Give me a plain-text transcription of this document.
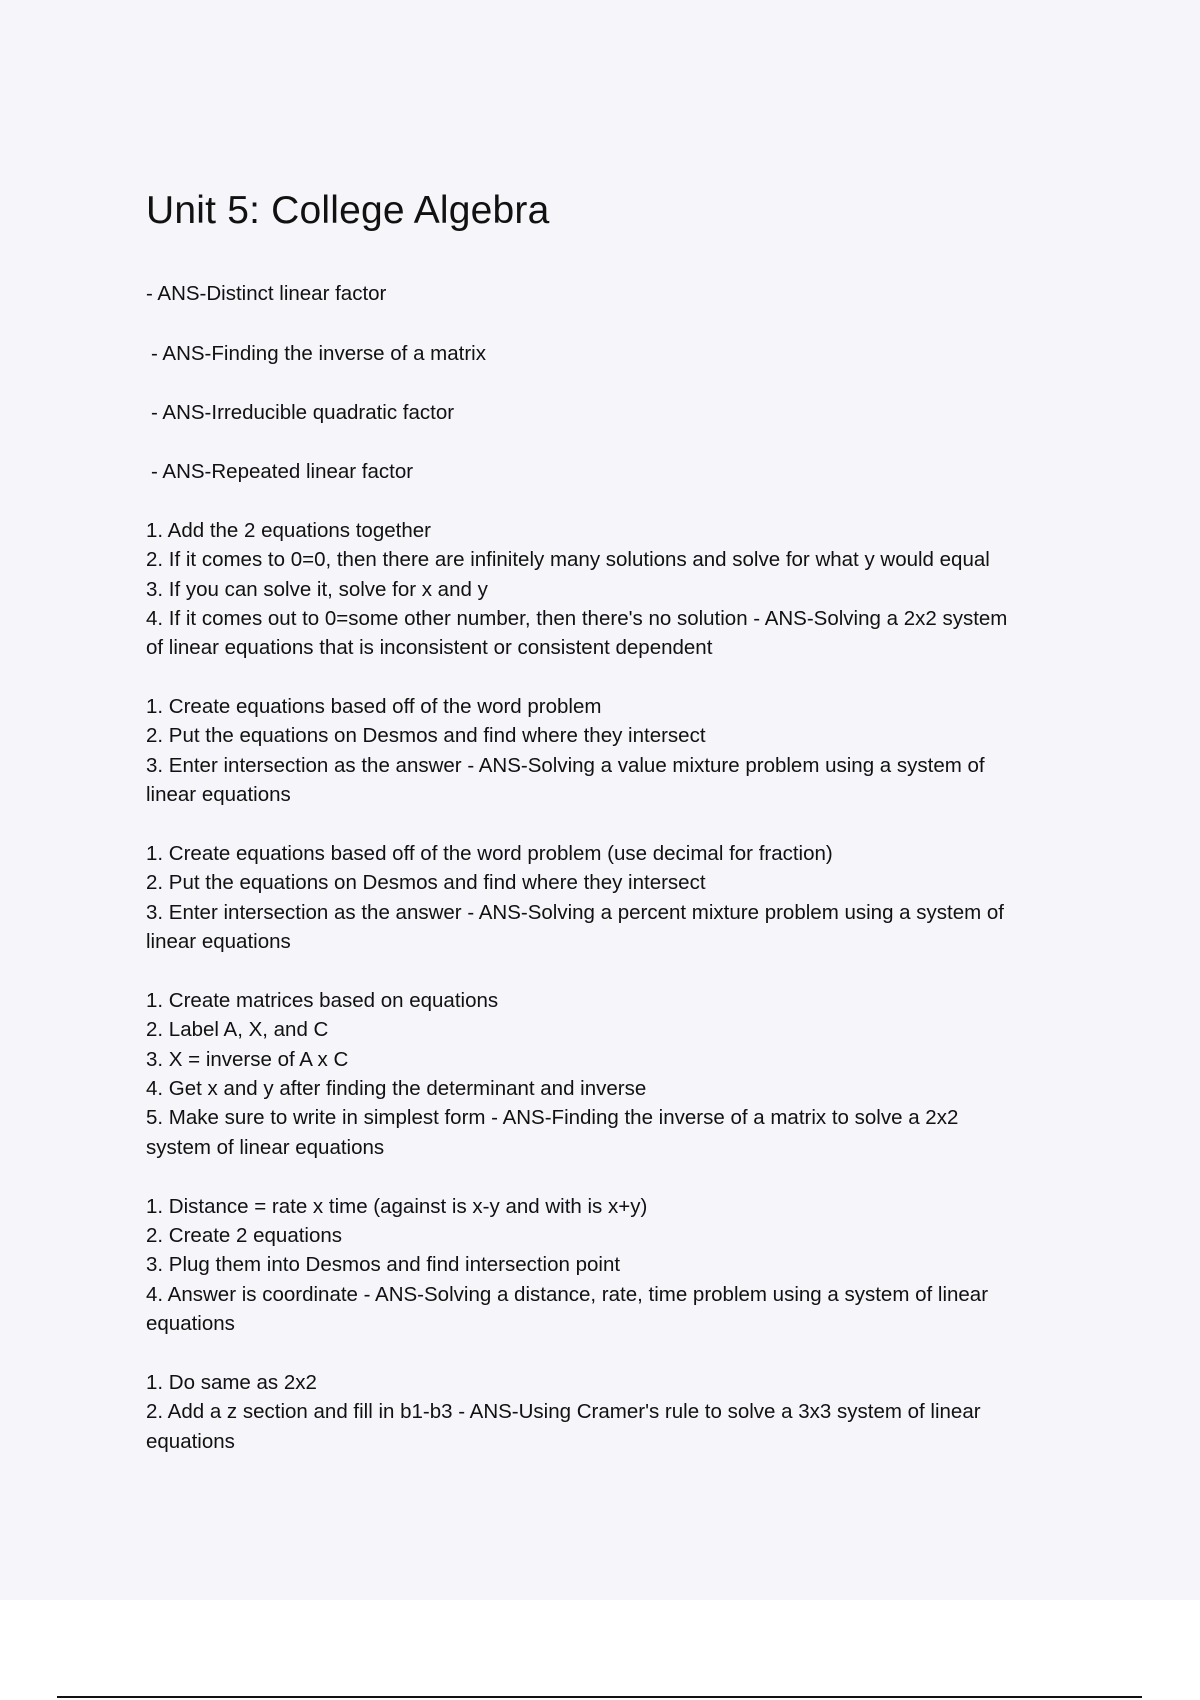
Unit 5: College Algebra
- ANS-Distinct linear factor
- ANS-Finding the inverse of a matrix
- ANS-Irreducible quadratic factor
- ANS-Repeated linear factor
1. Add the 2 equations together
2. If it comes to 0=0, then there are infinitely many solutions and solve for what y would equal
3. If you can solve it, solve for x and y
4. If it comes out to 0=some other number, then there's no solution - ANS-Solving a 2x2 system
of linear equations that is inconsistent or consistent dependent
1. Create equations based off of the word problem
2. Put the equations on Desmos and find where they intersect
3. Enter intersection as the answer - ANS-Solving a value mixture problem using a system of
linear equations
1. Create equations based off of the word problem (use decimal for fraction)
2. Put the equations on Desmos and find where they intersect
3. Enter intersection as the answer - ANS-Solving a percent mixture problem using a system of
linear equations
1. Create matrices based on equations
2. Label A, X, and C
3. X = inverse of A x C
4. Get x and y after finding the determinant and inverse
5. Make sure to write in simplest form - ANS-Finding the inverse of a matrix to solve a 2x2
system of linear equations
1. Distance = rate x time (against is x-y and with is x+y)
2. Create 2 equations
3. Plug them into Desmos and find intersection point
4. Answer is coordinate - ANS-Solving a distance, rate, time problem using a system of linear
equations
1. Do same as 2x2
2. Add a z section and fill in b1-b3 - ANS-Using Cramer's rule to solve a 3x3 system of linear
equations
